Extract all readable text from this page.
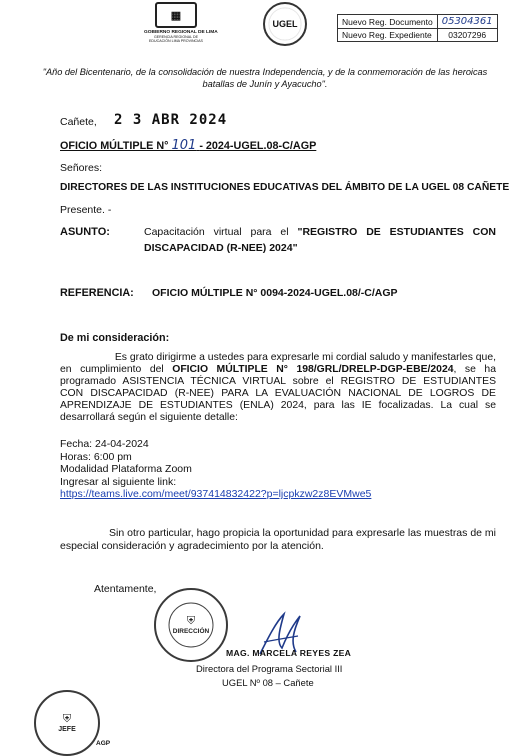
▦
GOBIERNO REGIONAL DE LIMA
GERENCIA REGIONAL DE EDUCACIÓN LIMA PROVINCIAS
UGEL	Nuevo Reg. Documento	05304361
Nuevo Reg. Expediente	03207296
"Año del Bicentenario, de la consolidación de nuestra Independencia, y de la conmemoración de las heroicas batallas de Junín y Ayacucho".
Cañete, 2 3 ABR 2024
OFICIO MÚLTIPLE N° 101 - 2024-UGEL.08-C/AGP
Señores:
DIRECTORES DE LAS INSTITUCIONES EDUCATIVAS DEL ÁMBITO DE LA UGEL 08 CAÑETE
Presente. -
ASUNTO:	Capacitación virtual para el "REGISTRO DE ESTUDIANTES CON
DISCAPACIDAD (R-NEE) 2024"
REFERENCIA: OFICIO MÚLTIPLE N° 0094-2024-UGEL.08/-C/AGP
De mi consideración:
Es grato dirigirme a ustedes para expresarle mi cordial saludo y manifestarles que,
en cumplimiento del OFICIO MÚLTIPLE N° 198/GRL/DRELP-DGP-EBE/2024, se ha
programado ASISTENCIA TÉCNICA VIRTUAL sobre el REGISTRO DE ESTUDIANTES
CON DISCAPACIDAD (R-NEE) PARA LA EVALUACIÓN NACIONAL DE LOGROS DE
APRENDIZAJE DE ESTUDIANTES (ENLA) 2024, para las IE focalizadas. La cual se
desarrollará según el siguiente detalle:
Fecha: 24-04-2024
Horas: 6:00 pm
Modalidad Plataforma Zoom
Ingresar al siguiente link:
https://teams.live.com/meet/937414832422?p=ljcpkzw2z8EVMwe5
Sin otro particular, hago propicia la oportunidad para expresarle las muestras de mi
especial consideración y agradecimiento por la atención.
Atentamente,
⛨
DIRECCIÓN
MAG. MARCELA REYES ZEA
Directora del Programa Sectorial III
UGEL Nº 08 – Cañete
⛨
JEFE
AGP
